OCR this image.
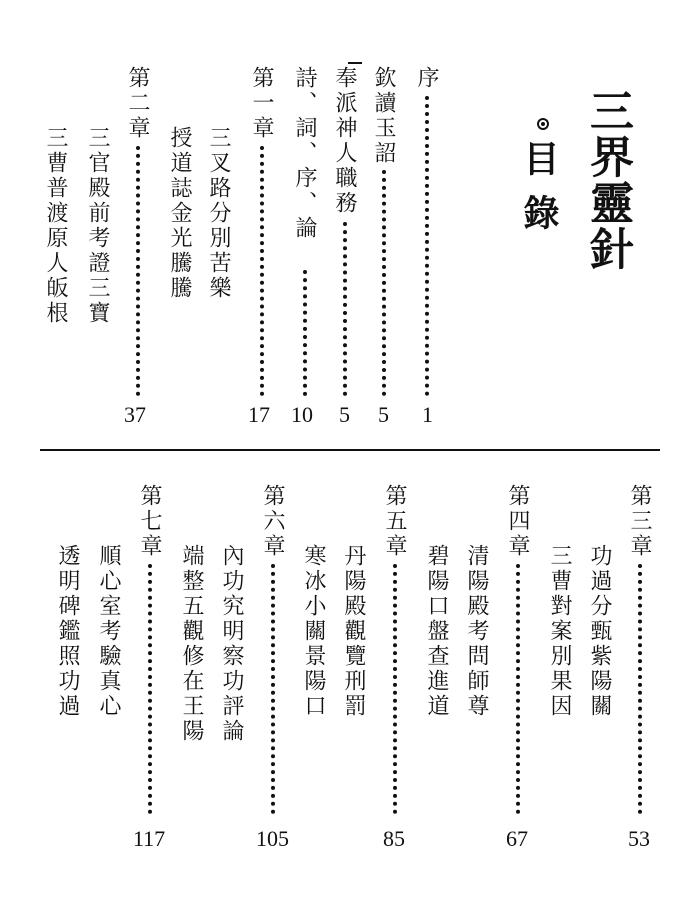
三界靈針
目錄
序
1
欽讀玉詔
5
奉派神人職務
5
詩、詞、序、論
10
第一章
17
三叉路分別苦樂
授道誌金光騰騰
第二章
37
三官殿前考證三寶
三曹普渡原人皈根
第三章
53
功過分甄紫陽關
三曹對案別果因
第四章
67
清陽殿考問師尊
碧陽口盤查進道
第五章
85
丹陽殿觀覽刑罰
寒冰小關景陽口
第六章
105
內功究明察功評論
端整五觀修在王陽
第七章
117
順心室考驗真心
透明碑鑑照功過
